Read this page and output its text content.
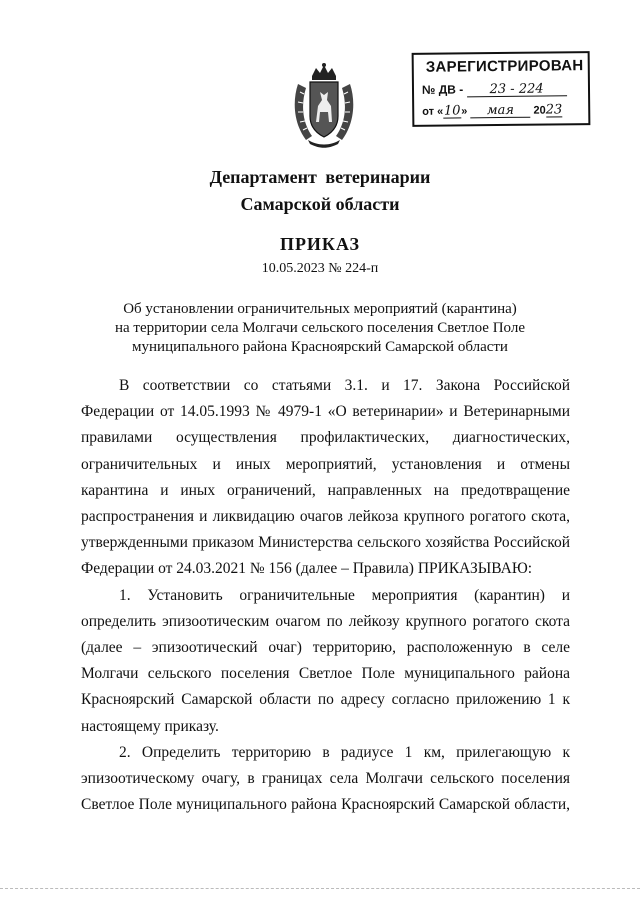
ЗАРЕГИСТРИРОВАН
№ ДВ - 23 - 224
от «10» мая 2023
Департамент ветеринарии
Самарской области
ПРИКАЗ
10.05.2023 № 224-п
Об установлении ограничительных мероприятий (карантина)
на территории села Молгачи сельского поселения Светлое Поле
муниципального района Красноярский Самарской области

В соответствии со статьями 3.1. и 17. Закона Российской Федерации от 14.05.1993 № 4979-1 «О ветеринарии» и Ветеринарными правилами осуществления профилактических, диагностических, ограничительных и иных мероприятий, установления и отмены карантина и иных ограничений, направленных на предотвращение распространения и ликвидацию очагов лейкоза крупного рогатого скота, утвержденными приказом Министерства сельского хозяйства Российской Федерации от 24.03.2021 № 156 (далее – Правила) ПРИКАЗЫВАЮ:

1. Установить ограничительные мероприятия (карантин) и определить эпизоотическим очагом по лейкозу крупного рогатого скота (далее – эпизоотический очаг) территорию, расположенную в селе Молгачи сельского поселения Светлое Поле муниципального района Красноярский Самарской области по адресу согласно приложению 1 к настоящему приказу.

2. Определить территорию в радиусе 1 км, прилегающую к эпизоотическому очагу, в границах села Молгачи сельского поселения Светлое Поле муниципального района Красноярский Самарской области,
